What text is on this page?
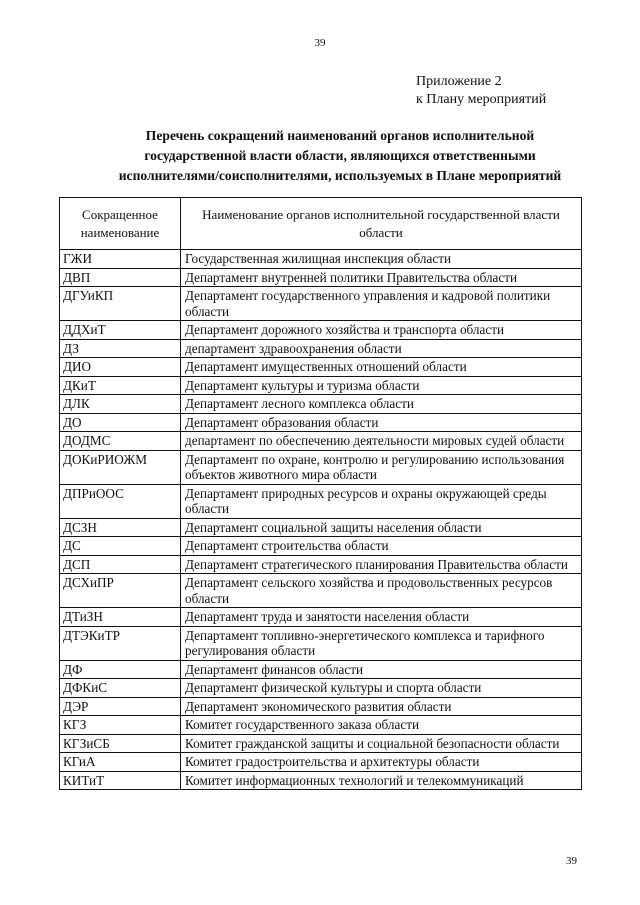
39
Приложение 2
к Плану мероприятий
Перечень сокращений наименований органов исполнительной государственной власти области, являющихся ответственными исполнителями/соисполнителями, используемых в Плане мероприятий
Сокращенное наименование	Наименование органов исполнительной государственной власти области
ГЖИ	Государственная жилищная инспекция области
ДВП	Департамент внутренней политики Правительства области
ДГУиКП	Департамент государственного управления и кадровой политики области
ДДХиТ	Департамент дорожного хозяйства и транспорта области
ДЗ	департамент здравоохранения области
ДИО	Департамент имущественных отношений области
ДКиТ	Департамент культуры и туризма области
ДЛК	Департамент лесного комплекса области
ДО	Департамент образования области
ДОДМС	департамент по обеспечению деятельности мировых судей области
ДОКиРИОЖМ	Департамент по охране, контролю и регулированию использования объектов животного мира области
ДПРиООС	Департамент природных ресурсов и охраны окружающей среды области
ДСЗН	Департамент социальной защиты населения области
ДС	Департамент строительства области
ДСП	Департамент стратегического планирования Правительства области
ДСХиПР	Департамент сельского хозяйства и продовольственных ресурсов области
ДТиЗН	Департамент труда и занятости населения области
ДТЭКиТР	Департамент топливно-энергетического комплекса и тарифного регулирования области
ДФ	Департамент финансов области
ДФКиС	Департамент физической культуры и спорта области
ДЭР	Департамент экономического развития области
КГЗ	Комитет государственного заказа области
КГЗиСБ	Комитет гражданской защиты и социальной безопасности области
КГиА	Комитет градостроительства и архитектуры области
КИТиТ	Комитет информационных технологий и телекоммуникаций
39
